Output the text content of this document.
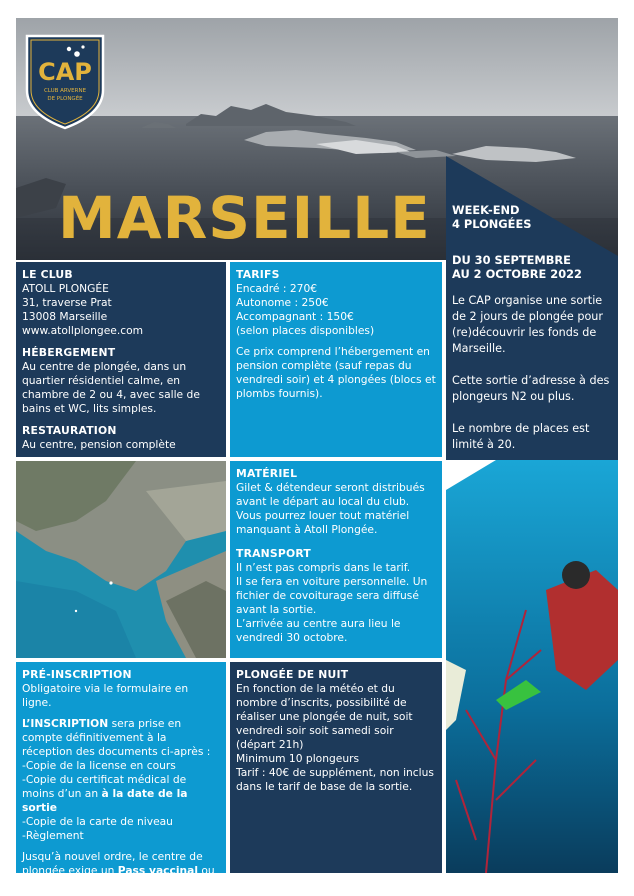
CAP
CLUB ARVERNE
DE PLONGÉE
MARSEILLE WEEK-END
4 PLONGÉES
DU 30 SEPTEMBRE
AU 2 OCTOBRE 2022

Le CAP organise une sortie de 2 jours de plongée pour (re)découvrir les fonds de Marseille.

Cette sortie d’adresse à des plongeurs N2 ou plus.

Le nombre de places est limité à 20.

LE CLUB

ATOLL PLONGÉE

31, traverse Prat

13008 Marseille

www.atollplongee.com

HÉBERGEMENT

Au centre de plongée, dans un quartier résidentiel calme, en chambre de 2 ou 4, avec salle de bains et WC, lits simples.

RESTAURATION

Au centre, pension complète

TARIFS

Encadré : 270€

Autonome : 250€

Accompagnant : 150€

(selon places disponibles)

Ce prix comprend l’hébergement en pension complète (sauf repas du vendredi soir) et 4 plongées (blocs et plombs fournis).

MATÉRIEL

Gilet & détendeur seront distribués avant le départ au local du club. Vous pourrez louer tout matériel manquant à Atoll Plongée.

TRANSPORT

Il n’est pas compris dans le tarif.

Il se fera en voiture personnelle. Un fichier de covoiturage sera diffusé avant la sortie.

L’arrivée au centre aura lieu le vendredi 30 octobre.

PRÉ-INSCRIPTION

Obligatoire via le formulaire en ligne.

L’INSCRIPTION sera prise en compte définitivement à la réception des documents ci-après :

-Copie de la license en cours

-Copie du certificat médical de moins d’un an à la date de la sortie

-Copie de la carte de niveau

-Règlement

Jusqu’à nouvel ordre, le centre de plongée exige un Pass vaccinal ou un test PCR de moins de 24h

PLONGÉE DE NUIT

En fonction de la météo et du nombre d’inscrits, possibilité de réaliser une plongée de nuit, soit vendredi soir soit samedi soir (départ 21h)

Minimum 10 plongeurs

Tarif : 40€ de supplément, non inclus dans le tarif de base de la sortie.
